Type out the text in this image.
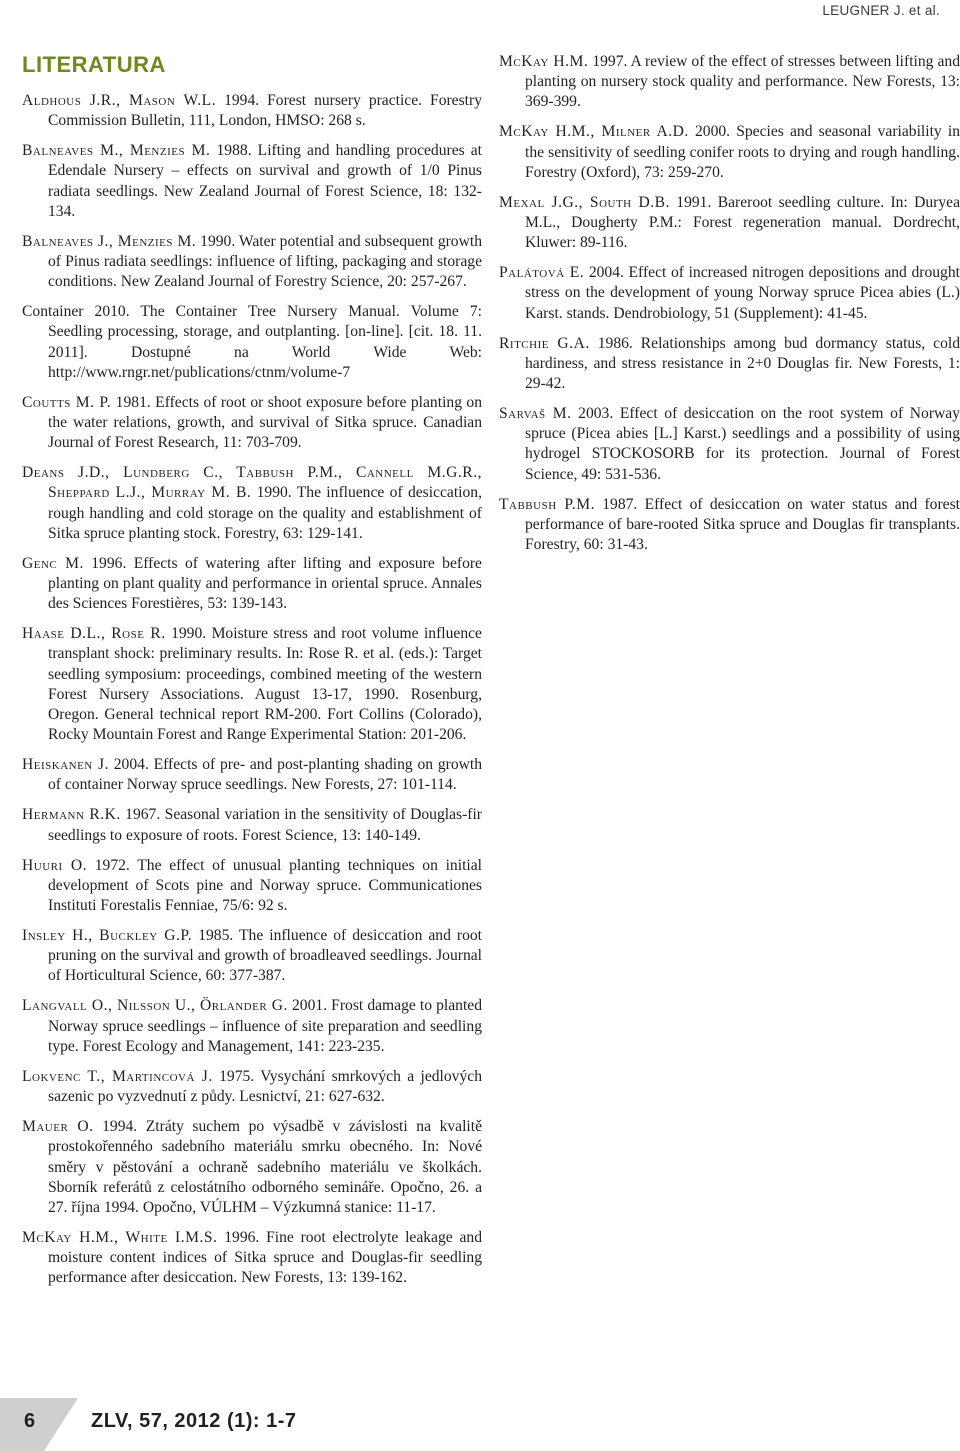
LEUGNER J. et al.
LITERATURA

Aldhous J.R., Mason W.L. 1994. Forest nursery practice. Forestry Commission Bulletin, 111, London, HMSO: 268 s.

Balneaves M., Menzies M. 1988. Lifting and handling procedures at Edendale Nursery – effects on survival and growth of 1/0 Pinus radiata seedlings. New Zealand Journal of Forest Science, 18: 132-134.

Balneaves J., Menzies M. 1990. Water potential and subsequent growth of Pinus radiata seedlings: influence of lifting, packaging and storage conditions. New Zealand Journal of Forestry Science, 20: 257-267.

Container 2010. The Container Tree Nursery Manual. Volume 7: Seedling processing, storage, and outplanting. [on-line]. [cit. 18. 11. 2011]. Dostupné na World Wide Web: http://www.rngr.net/publications/ctnm/volume-7

Coutts M. P. 1981. Effects of root or shoot exposure before planting on the water relations, growth, and survival of Sitka spruce. Canadian Journal of Forest Research, 11: 703-709.

Deans J.D., Lundberg C., Tabbush P.M., Cannell M.G.R., Sheppard L.J., Murray M. B. 1990. The influence of desiccation, rough handling and cold storage on the quality and establishment of Sitka spruce planting stock. Forestry, 63: 129-141.

Genc M. 1996. Effects of watering after lifting and exposure before planting on plant quality and performance in oriental spruce. Annales des Sciences Forestières, 53: 139-143.

Haase D.L., Rose R. 1990. Moisture stress and root volume influence transplant shock: preliminary results. In: Rose R. et al. (eds.): Target seedling symposium: proceedings, combined meeting of the western Forest Nursery Associations. August 13-17, 1990. Rosenburg, Oregon. General technical report RM-200. Fort Collins (Colorado), Rocky Mountain Forest and Range Experimental Station: 201-206.

Heiskanen J. 2004. Effects of pre- and post-planting shading on growth of container Norway spruce seedlings. New Forests, 27: 101-114.

Hermann R.K. 1967. Seasonal variation in the sensitivity of Douglas-fir seedlings to exposure of roots. Forest Science, 13: 140-149.

Huuri O. 1972. The effect of unusual planting techniques on initial development of Scots pine and Norway spruce. Communicationes Instituti Forestalis Fenniae, 75/6: 92 s.

Insley H., Buckley G.P. 1985. The influence of desiccation and root pruning on the survival and growth of broadleaved seedlings. Journal of Horticultural Science, 60: 377-387.

Langvall O., Nilsson U., Örlander G. 2001. Frost damage to planted Norway spruce seedlings – influence of site preparation and seedling type. Forest Ecology and Management, 141: 223-235.

Lokvenc T., Martincová J. 1975. Vysychání smrkových a jedlových sazenic po vyzvednutí z půdy. Lesnictví, 21: 627-632.

Mauer O. 1994. Ztráty suchem po výsadbě v závislosti na kvalitě prostokořenného sadebního materiálu smrku obecného. In: Nové směry v pěstování a ochraně sadebního materiálu ve školkách. Sborník referátů z celostátního odborného semináře. Opočno, 26. a 27. října 1994. Opočno, VÚLHM – Výzkumná stanice: 11-17.

McKay H.M., White I.M.S. 1996. Fine root electrolyte leakage and moisture content indices of Sitka spruce and Douglas-fir seedling performance after desiccation. New Forests, 13: 139-162.

McKay H.M. 1997. A review of the effect of stresses between lifting and planting on nursery stock quality and performance. New Forests, 13: 369-399.

McKay H.M., Milner A.D. 2000. Species and seasonal variability in the sensitivity of seedling conifer roots to drying and rough handling. Forestry (Oxford), 73: 259-270.

Mexal J.G., South D.B. 1991. Bareroot seedling culture. In: Duryea M.L., Dougherty P.M.: Forest regeneration manual. Dordrecht, Kluwer: 89-116.

Palátová E. 2004. Effect of increased nitrogen depositions and drought stress on the development of young Norway spruce Picea abies (L.) Karst. stands. Dendrobiology, 51 (Supplement): 41-45.

Ritchie G.A. 1986. Relationships among bud dormancy status, cold hardiness, and stress resistance in 2+0 Douglas fir. New Forests, 1: 29-42.

Sarvaš M. 2003. Effect of desiccation on the root system of Norway spruce (Picea abies [L.] Karst.) seedlings and a possibility of using hydrogel STOCKOSORB for its protection. Journal of Forest Science, 49: 531-536.

Tabbush P.M. 1987. Effect of desiccation on water status and forest performance of bare-rooted Sitka spruce and Douglas fir transplants. Forestry, 60: 31-43.

6	ZLV, 57, 2012 (1): 1-7
